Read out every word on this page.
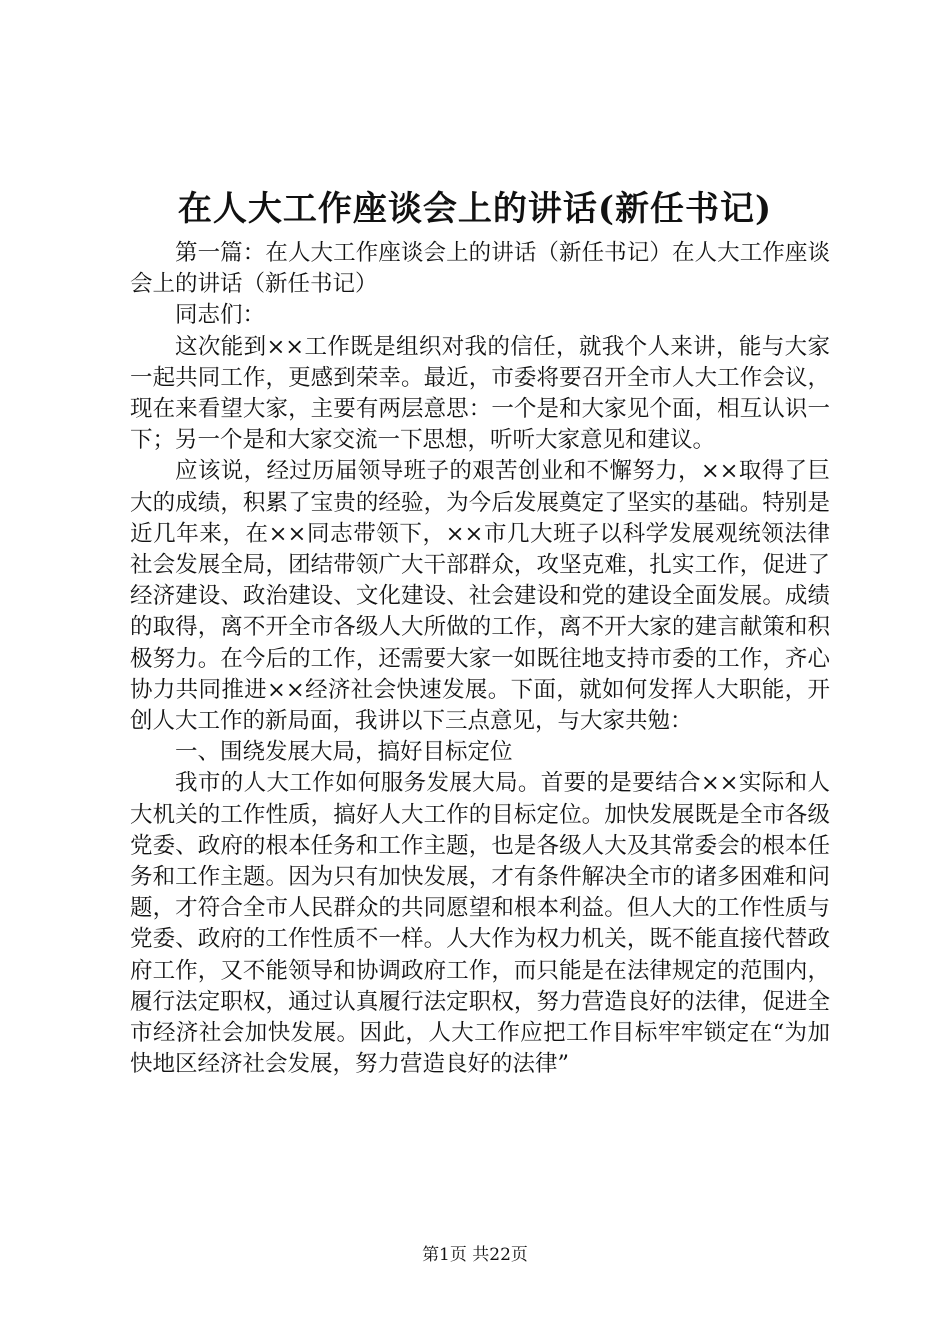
在人大工作座谈会上的讲话(新任书记)

第一篇：在人大工作座谈会上的讲话（新任书记）在人大工作座谈会上的讲话（新任书记）

同志们：

这次能到××工作既是组织对我的信任，就我个人来讲，能与大家一起共同工作，更感到荣幸。最近，市委将要召开全市人大工作会议，现在来看望大家，主要有两层意思：一个是和大家见个面，相互认识一下；另一个是和大家交流一下思想，听听大家意见和建议。

应该说，经过历届领导班子的艰苦创业和不懈努力，××取得了巨大的成绩，积累了宝贵的经验，为今后发展奠定了坚实的基础。特别是近几年来，在××同志带领下，××市几大班子以科学发展观统领法律社会发展全局，团结带领广大干部群众，攻坚克难，扎实工作，促进了经济建设、政治建设、文化建设、社会建设和党的建设全面发展。成绩的取得，离不开全市各级人大所做的工作，离不开大家的建言献策和积极努力。在今后的工作，还需要大家一如既往地支持市委的工作，齐心协力共同推进××经济社会快速发展。下面，就如何发挥人大职能，开创人大工作的新局面，我讲以下三点意见，与大家共勉：

一、围绕发展大局，搞好目标定位

我市的人大工作如何服务发展大局。首要的是要结合××实际和人大机关的工作性质，搞好人大工作的目标定位。加快发展既是全市各级党委、政府的根本任务和工作主题，也是各级人大及其常委会的根本任务和工作主题。因为只有加快发展，才有条件解决全市的诸多困难和问题，才符合全市人民群众的共同愿望和根本利益。但人大的工作性质与党委、政府的工作性质不一样。人大作为权力机关，既不能直接代替政府工作，又不能领导和协调政府工作，而只能是在法律规定的范围内，履行法定职权，通过认真履行法定职权，努力营造良好的法律，促进全市经济社会加快发展。因此，人大工作应把工作目标牢牢锁定在“为加快地区经济社会发展，努力营造良好的法律”

第1页 共22页
